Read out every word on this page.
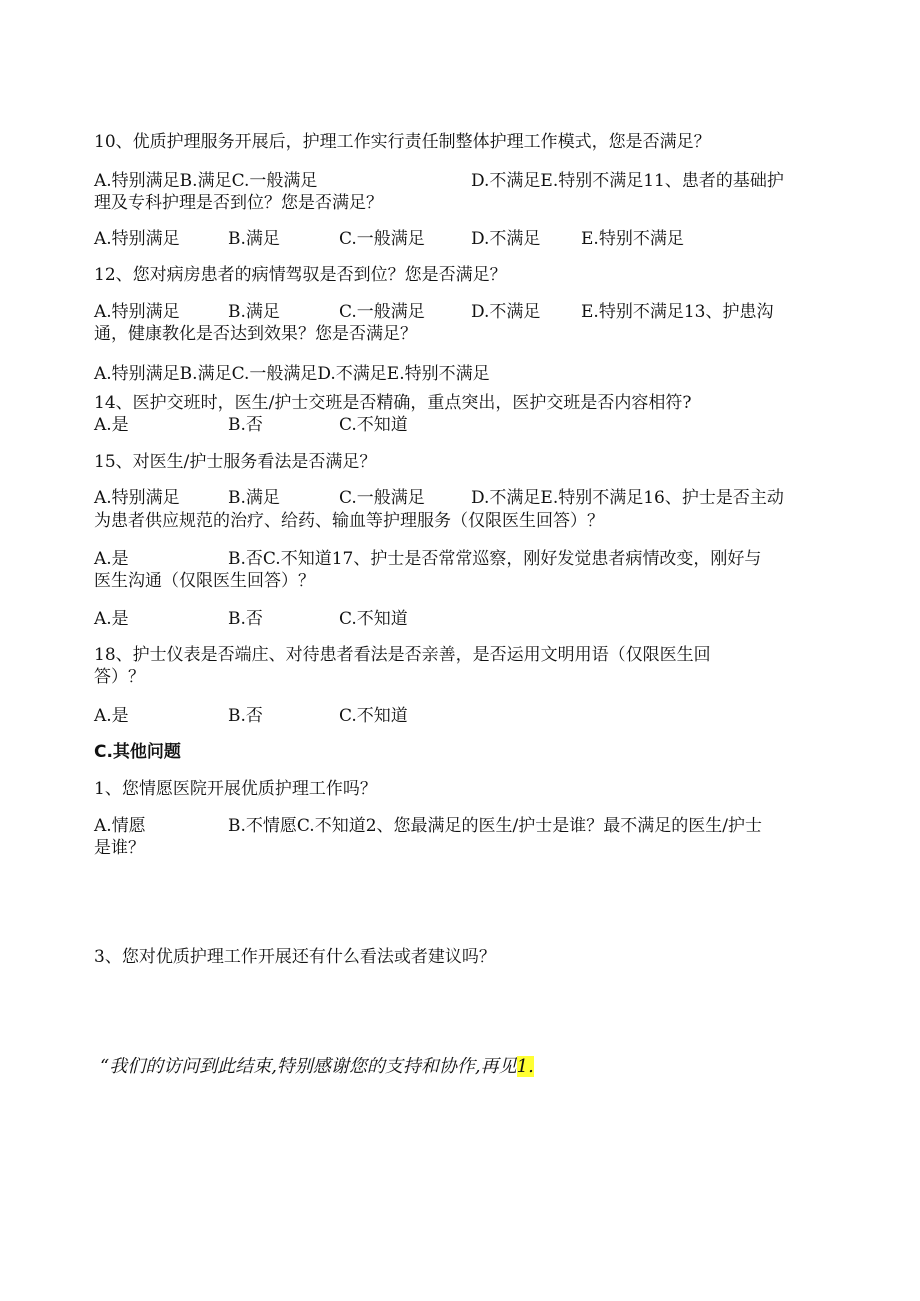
10、优质护理服务开展后，护理工作实行责任制整体护理工作模式，您是否满足？
A.特别满足B.满足C.一般满足	D.不满足E.特别不满足11、患者的基础护
理及专科护理是否到位？您是否满足？
A.特别满足	B.满足	C.一般满足	D.不满足 E.特别不满足
12、您对病房患者的病情驾驭是否到位？您是否满足？
A.特别满足	B.满足	C.一般满足	D.不满足 E.特别不满足13、护患沟
通，健康教化是否达到效果？您是否满足？
A.特别满足B.满足C.一般满足D.不满足E.特别不满足
14、医护交班时，医生/护士交班是否精确，重点突出，医护交班是否内容相符?
A.是	B.否	C.不知道
15、对医生/护士服务看法是否满足？
A.特别满足	B.满足	C.一般满足	D.不满足E.特别不满足16、护士是否主动
为患者供应规范的治疗、给药、输血等护理服务（仅限医生回答）？
A.是	B.否C.不知道17、护士是否常常巡察，刚好发觉患者病情改变，刚好与
医生沟通（仅限医生回答）？
A.是	B.否	C.不知道
18、护士仪表是否端庄、对待患者看法是否亲善，是否运用文明用语（仅限医生回
答）？
A.是	B.否	C.不知道
C.其他问题
1、您情愿医院开展优质护理工作吗？
A.情愿	B.不情愿C.不知道2、您最满足的医生/护士是谁？最不满足的医生/护士
是谁？
3、您对优质护理工作开展还有什么看法或者建议吗？
“我们的访问到此结束,特别感谢您的支持和协作,再见1.
